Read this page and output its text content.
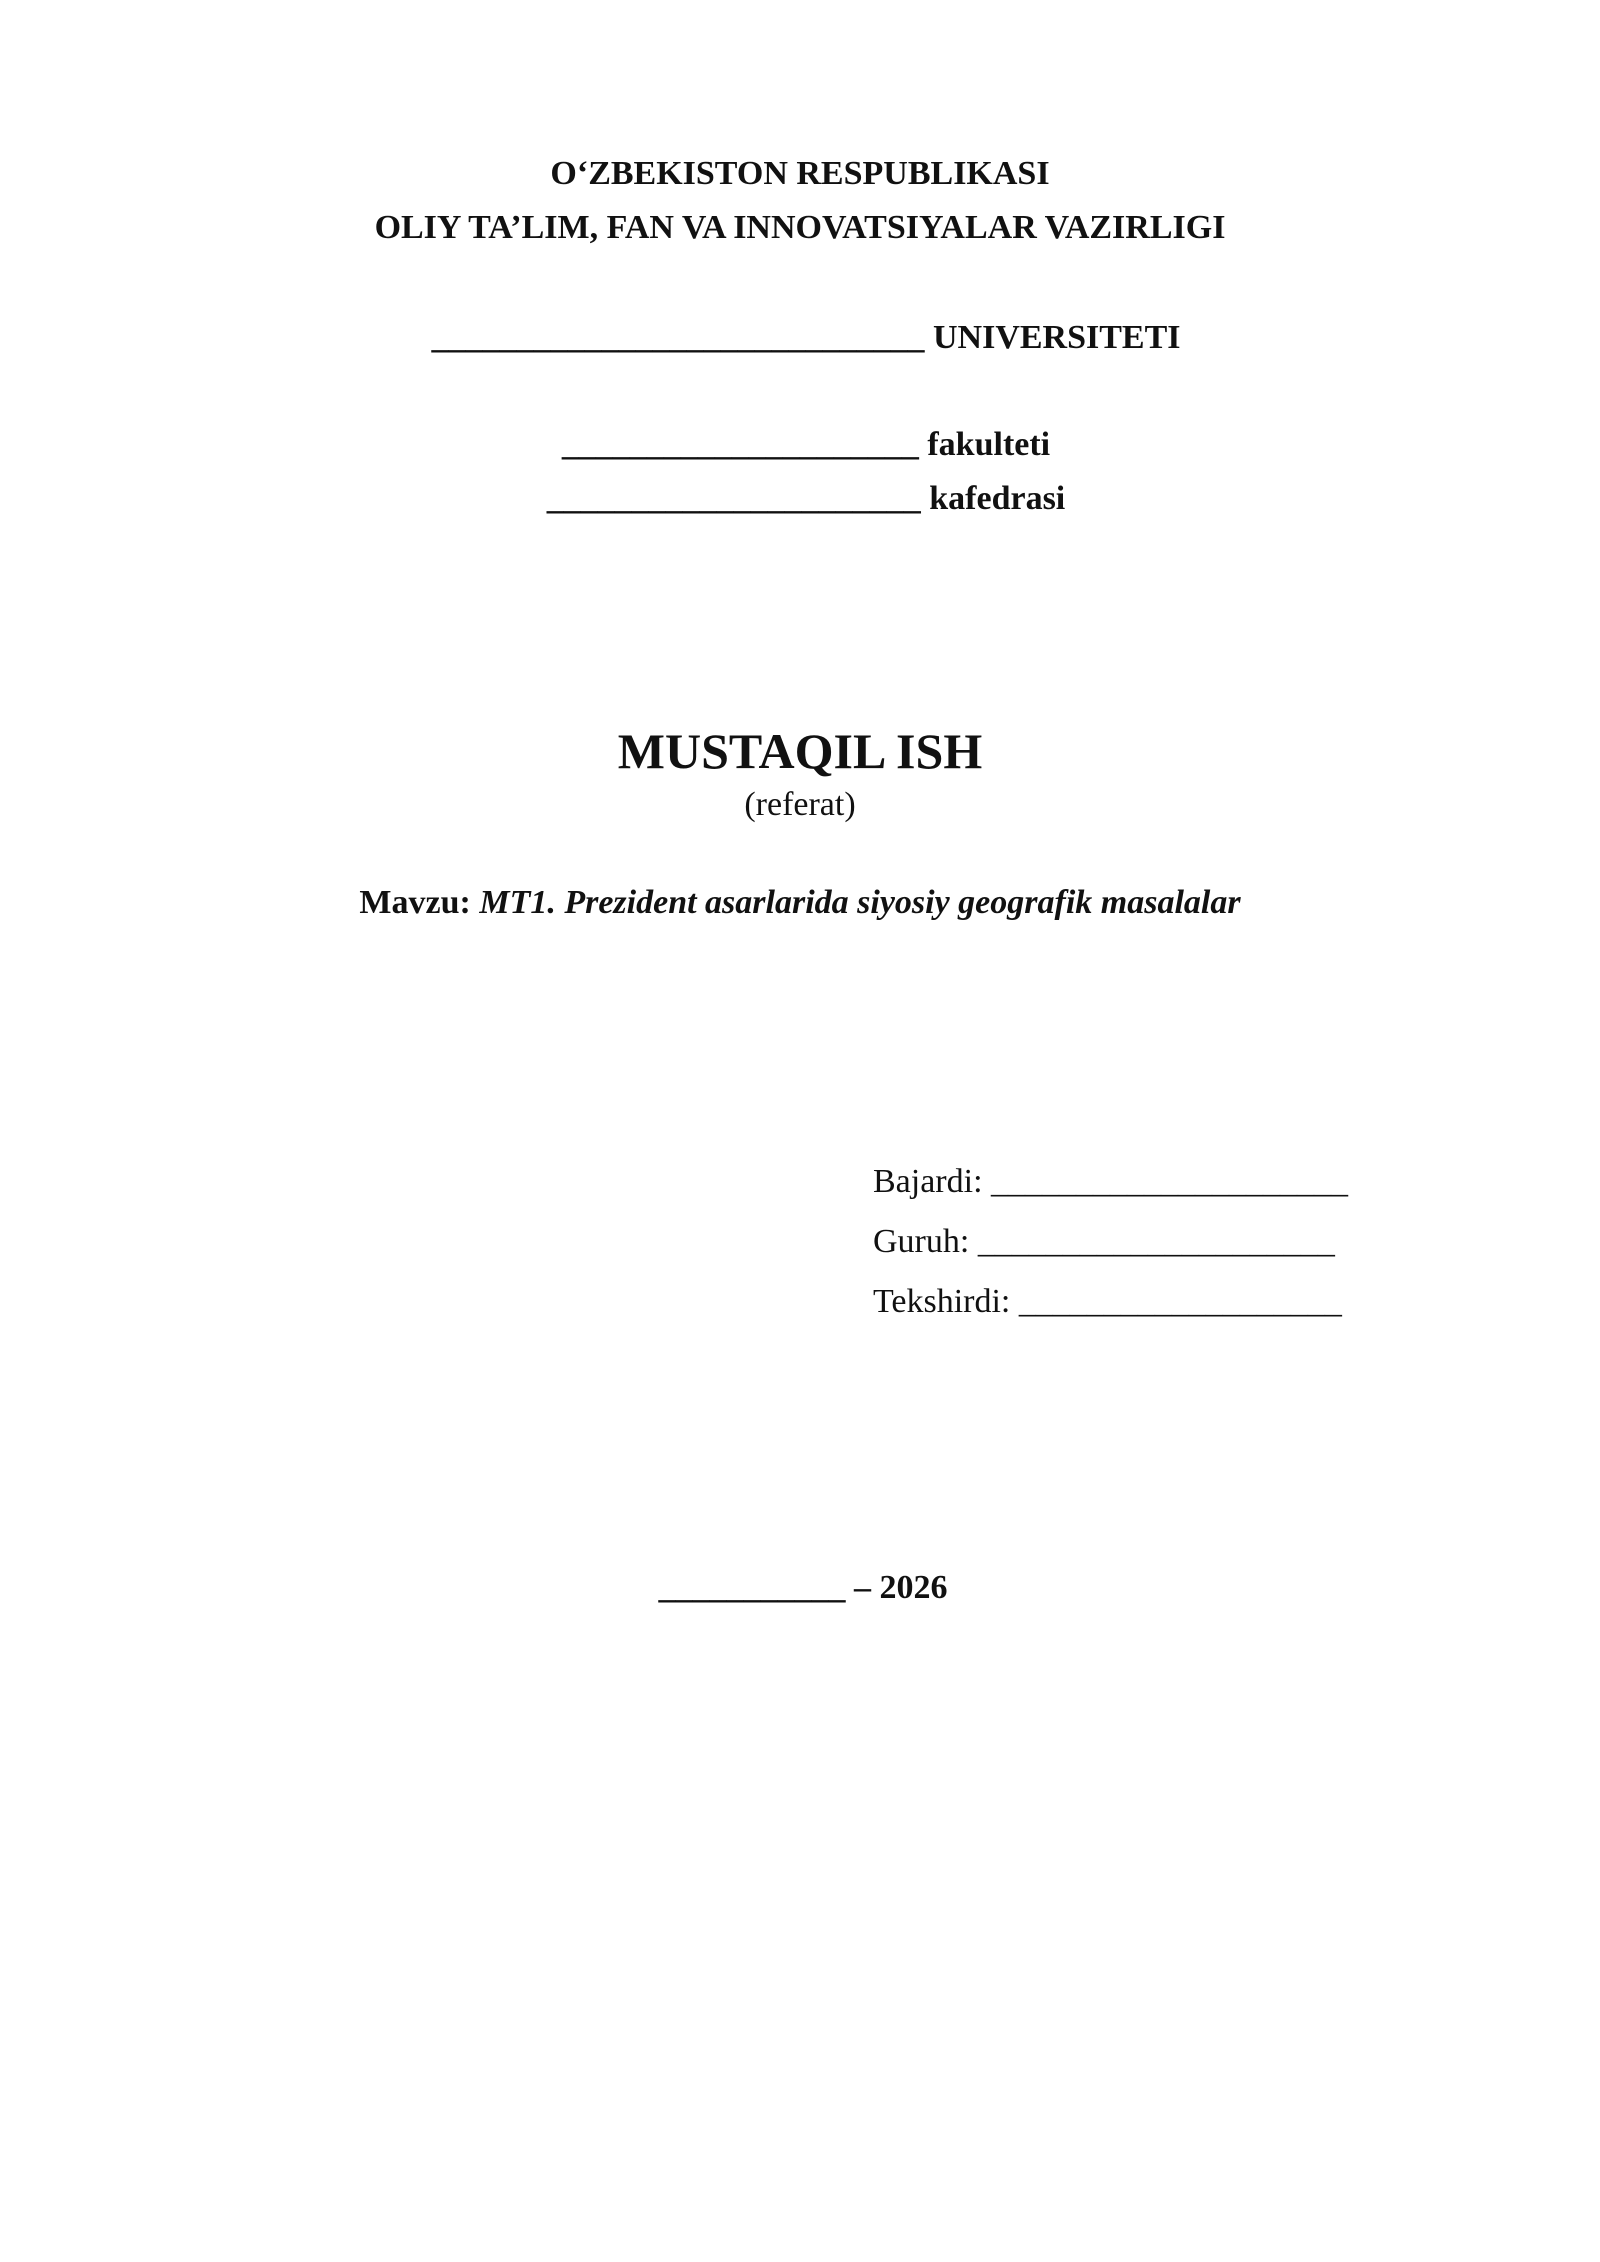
O‘ZBEKISTON RESPUBLIKASI
OLIY TA’LIM, FAN VA INNOVATSIYALAR VAZIRLIGI
_____________________________ UNIVERSITETI
_____________________ fakulteti
______________________ kafedrasi
MUSTAQIL ISH
(referat)
Mavzu: MT1. Prezident asarlarida siyosiy geografik masalalar
Bajardi: _____________________
Guruh: _____________________
Tekshirdi: ___________________
___________ – 2026
